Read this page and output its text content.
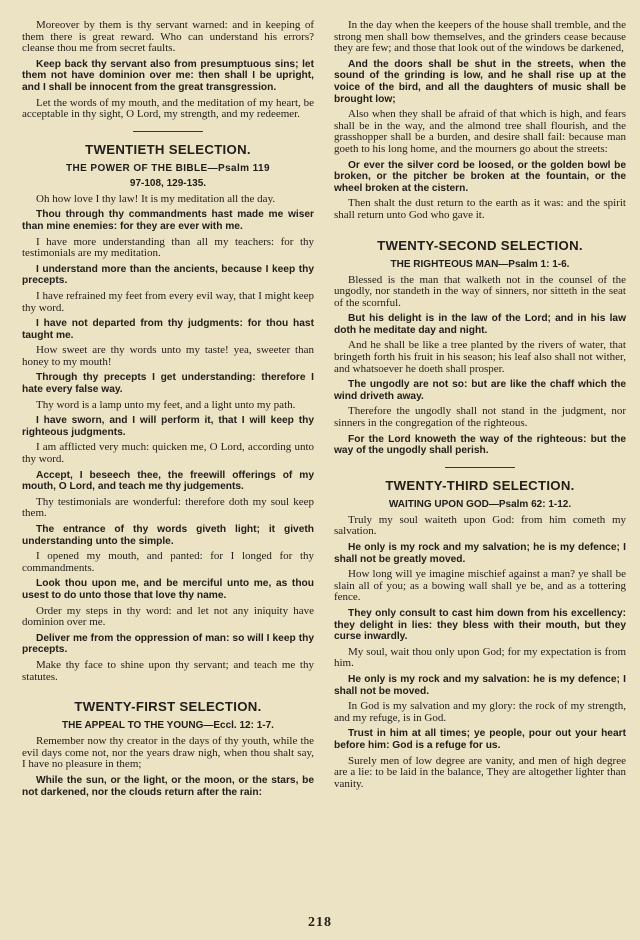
Moreover by them is thy servant warned: and in keeping of them there is great reward. Who can understand his errors? cleanse thou me from secret faults.

Keep back thy servant also from presumptuous sins; let them not have dominion over me: then shall I be upright, and I shall be innocent from the great transgression.

Let the words of my mouth, and the meditation of my heart, be acceptable in thy sight, O Lord, my strength, and my redeemer.

TWENTIETH SELECTION.
THE POWER OF THE BIBLE—Psalm 119
97-108, 129-135.

Oh how love I thy law! It is my meditation all the day.

Thou through thy commandments hast made me wiser than mine enemies: for they are ever with me.

I have more understanding than all my teachers: for thy testimonials are my meditation.

I understand more than the ancients, because I keep thy precepts.

I have refrained my feet from every evil way, that I might keep thy word.

I have not departed from thy judgments: for thou hast taught me.

How sweet are thy words unto my taste! yea, sweeter than honey to my mouth!

Through thy precepts I get understanding: therefore I hate every false way.

Thy word is a lamp unto my feet, and a light unto my path.

I have sworn, and I will perform it, that I will keep thy righteous judgments.

I am afflicted very much: quicken me, O Lord, according unto thy word.

Accept, I beseech thee, the freewill offerings of my mouth, O Lord, and teach me thy judgements.

Thy testimonials are wonderful: therefore doth my soul keep them.

The entrance of thy words giveth light; it giveth understanding unto the simple.

I opened my mouth, and panted: for I longed for thy commandments.

Look thou upon me, and be merciful unto me, as thou usest to do unto those that love thy name.

Order my steps in thy word: and let not any iniquity have dominion over me.

Deliver me from the oppression of man: so will I keep thy precepts.

Make thy face to shine upon thy servant; and teach me thy statutes.

TWENTY-FIRST SELECTION.
THE APPEAL TO THE YOUNG—Eccl. 12: 1-7.

Remember now thy creator in the days of thy youth, while the evil days come not, nor the years draw nigh, when thou shalt say, I have no pleasure in them;

While the sun, or the light, or the moon, or the stars, be not darkened, nor the clouds return after the rain:

In the day when the keepers of the house shall tremble, and the strong men shall bow themselves, and the grinders cease because they are few; and those that look out of the windows be darkened,

And the doors shall be shut in the streets, when the sound of the grinding is low, and he shall rise up at the voice of the bird, and all the daughters of music shall be brought low;

Also when they shall be afraid of that which is high, and fears shall be in the way, and the almond tree shall flourish, and the grasshopper shall be a burden, and desire shall fail: because man goeth to his long home, and the mourners go about the streets:

Or ever the silver cord be loosed, or the golden bowl be broken, or the pitcher be broken at the fountain, or the wheel broken at the cistern.

Then shalt the dust return to the earth as it was: and the spirit shall return unto God who gave it.

TWENTY-SECOND SELECTION.
THE RIGHTEOUS MAN—Psalm 1: 1-6.

Blessed is the man that walketh not in the counsel of the ungodly, nor standeth in the way of sinners, nor sitteth in the seat of the scornful.

But his delight is in the law of the Lord; and in his law doth he meditate day and night.

And he shall be like a tree planted by the rivers of water, that bringeth forth his fruit in his season; his leaf also shall not wither, and whatsoever he doeth shall prosper.

The ungodly are not so: but are like the chaff which the wind driveth away.

Therefore the ungodly shall not stand in the judgment, nor sinners in the congregation of the righteous.

For the Lord knoweth the way of the righteous: but the way of the ungodly shall perish.

TWENTY-THIRD SELECTION.
WAITING UPON GOD—Psalm 62: 1-12.

Truly my soul waiteth upon God: from him cometh my salvation.

He only is my rock and my salvation; he is my defence; I shall not be greatly moved.

How long will ye imagine mischief against a man? ye shall be slain all of you; as a bowing wall shall ye be, and as a tottering fence.

They only consult to cast him down from his excellency: they delight in lies: they bless with their mouth, but they curse inwardly.

My soul, wait thou only upon God; for my expectation is from him.

He only is my rock and my salvation: he is my defence; I shall not be moved.

In God is my salvation and my glory: the rock of my strength, and my refuge, is in God.

Trust in him at all times; ye people, pour out your heart before him: God is a refuge for us.

Surely men of low degree are vanity, and men of high degree are a lie: to be laid in the balance, They are altogether lighter than vanity.

218
